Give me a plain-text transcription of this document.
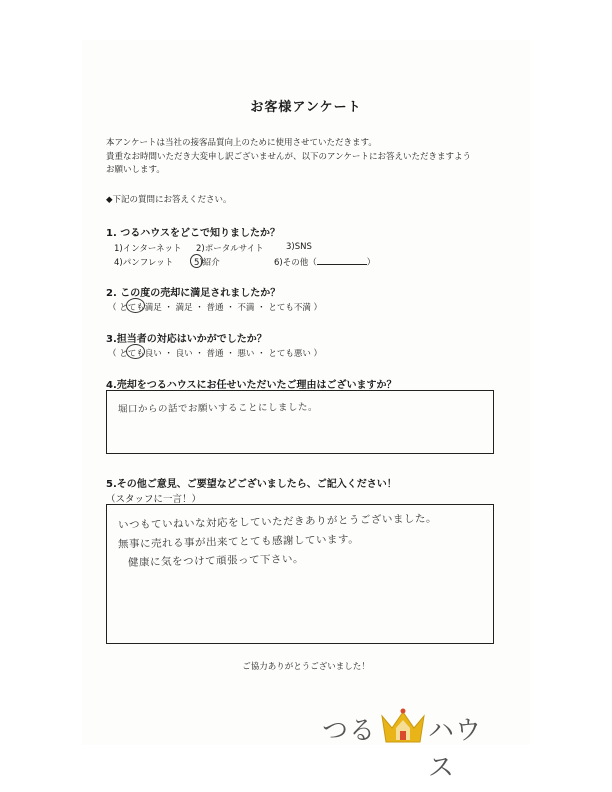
お客様アンケート
本アンケートは当社の接客品質向上のために使用させていただきます。
貴重なお時間いただき大変申し訳ございませんが、以下のアンケートにお答えいただきますよう
お願いします。
◆下記の質問にお答えください。
1. つるハウスをどこで知りましたか？
1)インターネット 2)ポータルサイト	3)SNS
4)パンフレット 5)紹介	6)その他（	）
2. この度の売却に満足されましたか？
（ とても満足 ・ 満足 ・ 普通 ・ 不満 ・ とても不満 ）
3.担当者の対応はいかがでしたか？
（ とても良い ・ 良い ・ 普通 ・ 悪い ・ とても悪い ）
4.売却をつるハウスにお任せいただいたご理由はございますか？
堀口からの話でお願いすることにしました。
5.その他ご意見、ご要望などございましたら、ご記入ください！
（スタッフに一言！）
いつもていねいな対応をしていただきありがとうございました。
無事に売れる事が出来てとても感謝しています。
健康に気をつけて頑張って下さい。
ご協力ありがとうございました！
つる ハウス
